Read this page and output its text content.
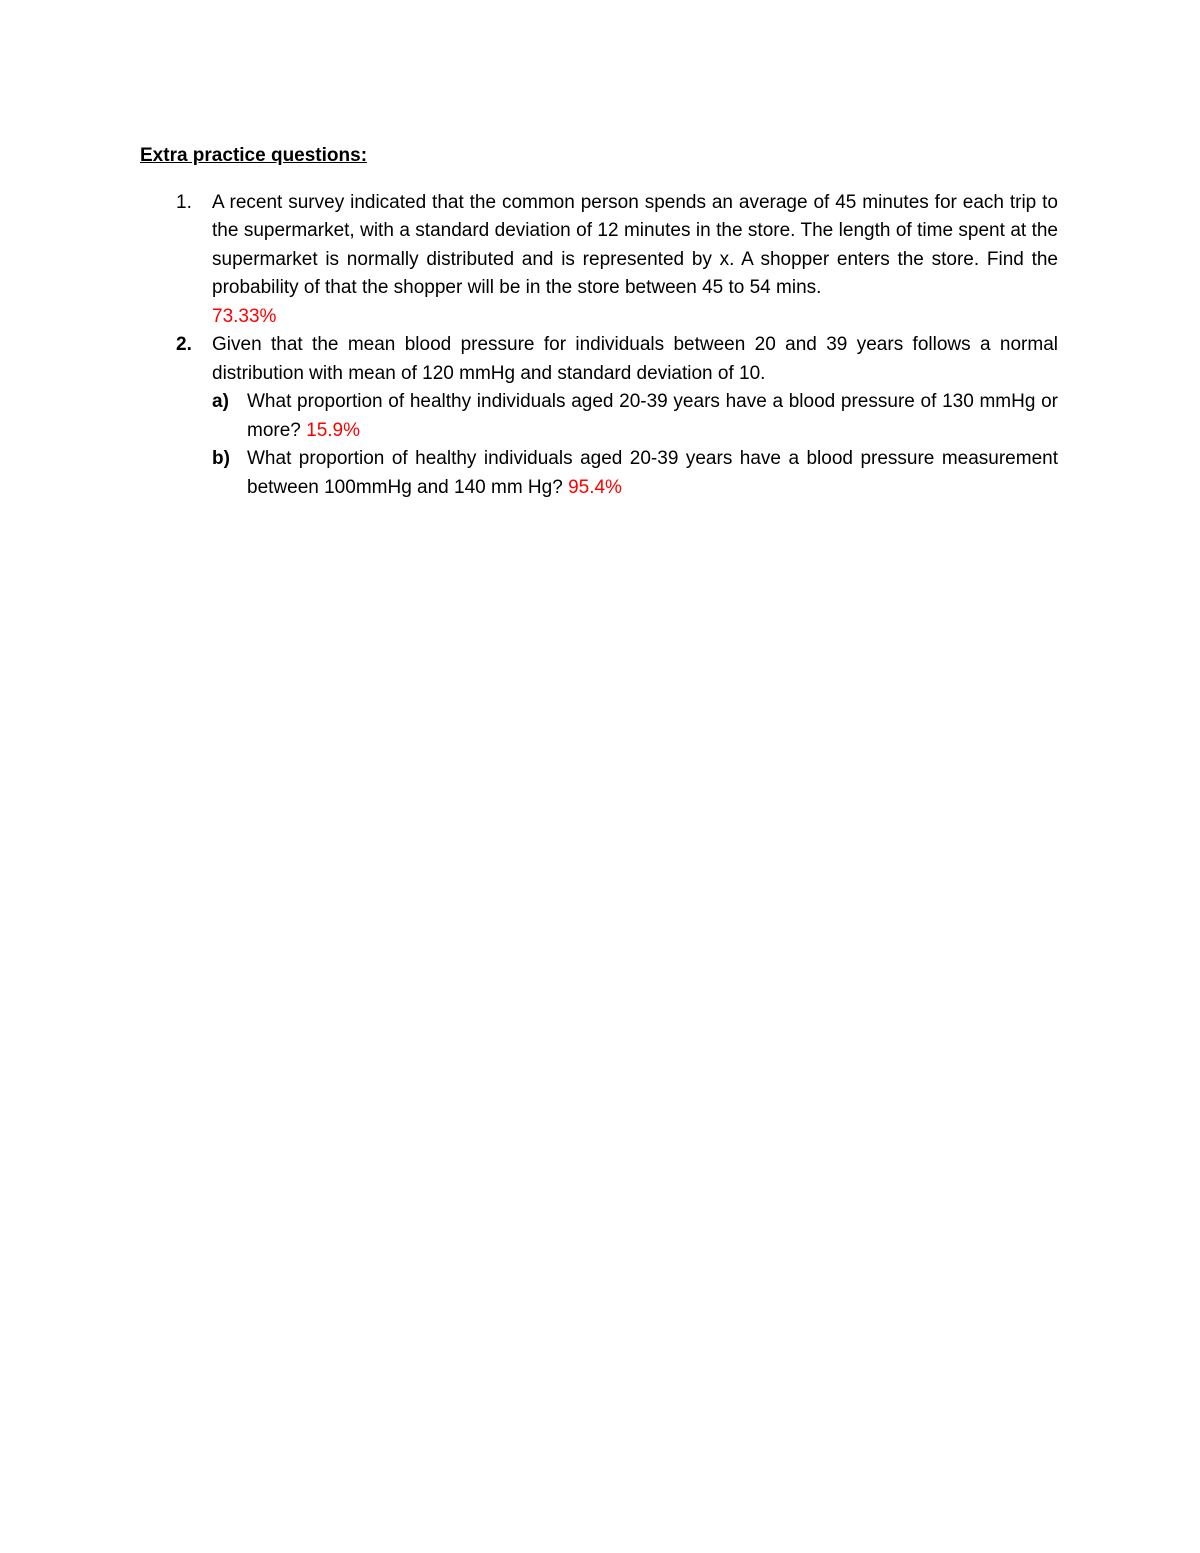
Extra practice questions:
1. A recent survey indicated that the common person spends an average of 45 minutes for each trip to the supermarket, with a standard deviation of 12 minutes in the store. The length of time spent at the supermarket is normally distributed and is represented by x. A shopper enters the store. Find the probability of that the shopper will be in the store between 45 to 54 mins.
73.33%
2. Given that the mean blood pressure for individuals between 20 and 39 years follows a normal distribution with mean of 120 mmHg and standard deviation of 10.
a) What proportion of healthy individuals aged 20-39 years have a blood pressure of 130 mmHg or more? 15.9%
b) What proportion of healthy individuals aged 20-39 years have a blood pressure measurement between 100mmHg and 140 mm Hg? 95.4%
